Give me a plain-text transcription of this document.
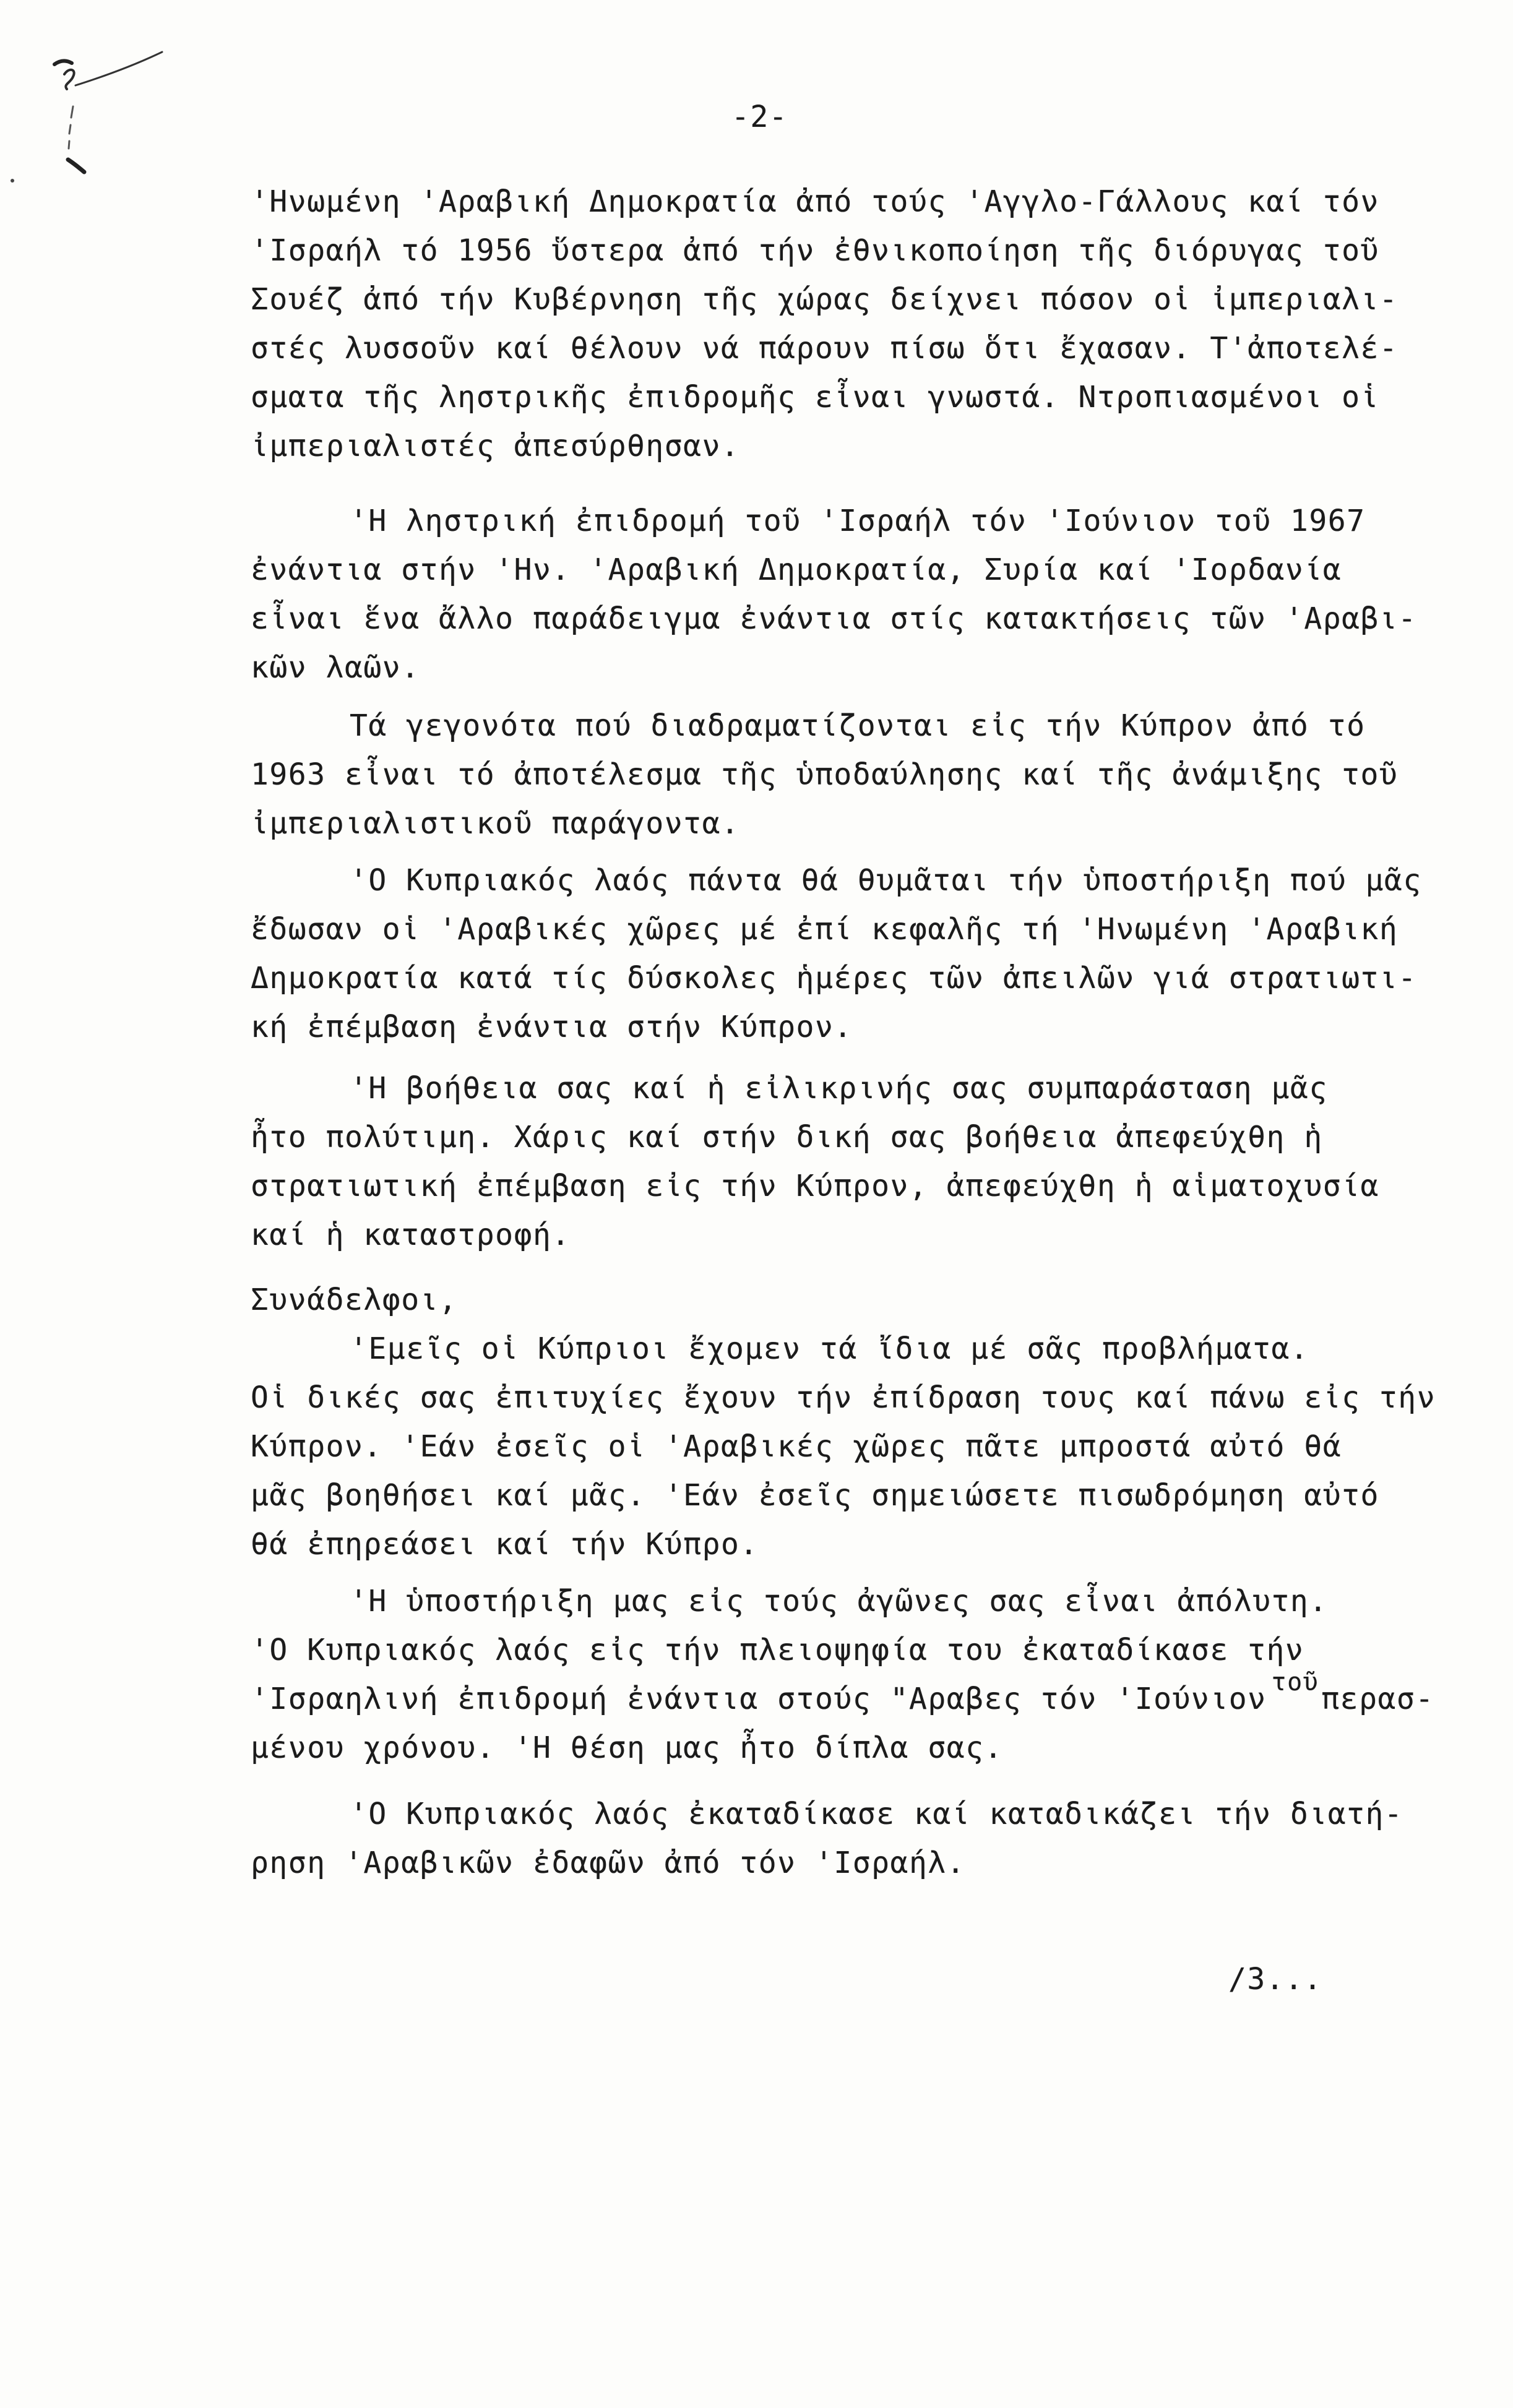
-2-
'Ηνωμένη 'Αραβική Δημοκρατία ἀπό τούς 'Αγγλο-Γάλλους καί τόν
'Ισραήλ τό 1956 ὕστερα ἀπό τήν ἐθνικοποίηση τῆς διόρυγας τοῦ
Σουέζ ἀπό τήν Κυβέρνηση τῆς χώρας δείχνει πόσον οἱ ἰμπεριαλι-
στές λυσσοῦν καί θέλουν νά πάρουν πίσω ὅτι ἔχασαν. Τ'ἀποτελέ-
σματα τῆς ληστρικῆς ἐπιδρομῆς εἶναι γνωστά. Ντροπιασμένοι οἱ
ἰμπεριαλιστές ἀπεσύρθησαν.
'Η ληστρική ἐπιδρομή τοῦ 'Ισραήλ τόν 'Ιούνιον τοῦ 1967
ἐνάντια στήν 'Ην. 'Αραβική Δημοκρατία, Συρία καί 'Ιορδανία
εἶναι ἕνα ἄλλο παράδειγμα ἐνάντια στίς κατακτήσεις τῶν 'Αραβι-
κῶν λαῶν.
Τά γεγονότα πού διαδραματίζονται εἰς τήν Κύπρον ἀπό τό
1963 εἶναι τό ἀποτέλεσμα τῆς ὑποδαύλησης καί τῆς ἀνάμιξης τοῦ
ἰμπεριαλιστικοῦ παράγοντα.
'Ο Κυπριακός λαός πάντα θά θυμᾶται τήν ὑποστήριξη πού μᾶς
ἔδωσαν οἱ 'Αραβικές χῶρες μέ ἐπί κεφαλῆς τή 'Ηνωμένη 'Αραβική
Δημοκρατία κατά τίς δύσκολες ἡμέρες τῶν ἀπειλῶν γιά στρατιωτι-
κή ἐπέμβαση ἐνάντια στήν Κύπρον.
'Η βοήθεια σας καί ἡ εἰλικρινής σας συμπαράσταση μᾶς
ἦτο πολύτιμη. Χάρις καί στήν δική σας βοήθεια ἀπεφεύχθη ἡ
στρατιωτική ἐπέμβαση εἰς τήν Κύπρον, ἀπεφεύχθη ἡ αἱματοχυσία
καί ἡ καταστροφή.
Συνάδελφοι,
'Εμεῖς οἱ Κύπριοι ἔχομεν τά ἴδια μέ σᾶς προβλήματα.
Οἱ δικές σας ἐπιτυχίες ἔχουν τήν ἐπίδραση τους καί πάνω εἰς τήν
Κύπρον. 'Εάν ἐσεῖς οἱ 'Αραβικές χῶρες πᾶτε μπροστά αὐτό θά
μᾶς βοηθήσει καί μᾶς. 'Εάν ἐσεῖς σημειώσετε πισωδρόμηση αὐτό
θά ἐπηρεάσει καί τήν Κύπρο.
'Η ὑποστήριξη μας εἰς τούς ἀγῶνες σας εἶναι ἀπόλυτη.
'Ο Κυπριακός λαός εἰς τήν πλειοψηφία του ἐκαταδίκασε τήν
'Ισραηλινή ἐπιδρομή ἐνάντια στούς "Αραβες τόν 'Ιούνιον $^{\tau oῦ}$περασ-
μένου χρόνου. 'Η θέση μας ἦτο δίπλα σας.
'Ο Κυπριακός λαός ἐκαταδίκασε καί καταδικάζει τήν διατή-
ρηση 'Αραβικῶν ἐδαφῶν ἀπό τόν 'Ισραήλ.
/3...
